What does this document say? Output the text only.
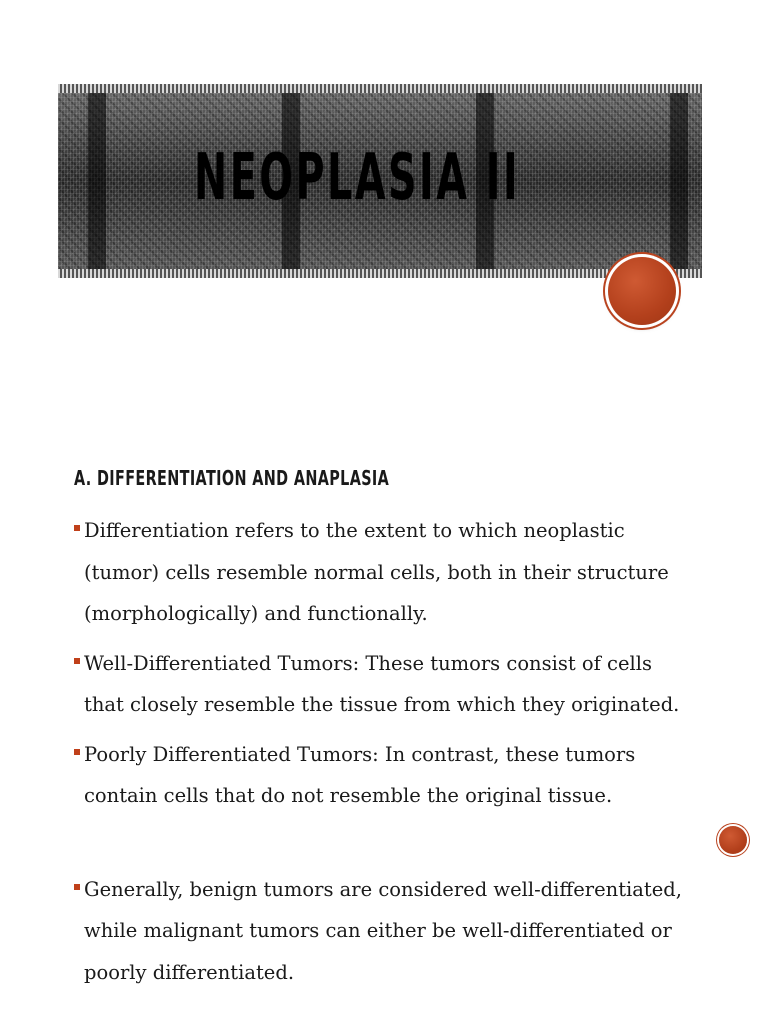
NEOPLASIA II
A. DIFFERENTIATION AND ANAPLASIA
Differentiation refers to the extent to which neoplastic (tumor) cells resemble normal cells, both in their structure (morphologically) and functionally.
Well-Differentiated Tumors: These tumors consist of cells that closely resemble the tissue from which they originated.
Poorly Differentiated Tumors: In contrast, these tumors contain cells that do not resemble the original tissue.
Generally, benign tumors are considered well-differentiated, while malignant tumors can either be well-differentiated or poorly differentiated.
